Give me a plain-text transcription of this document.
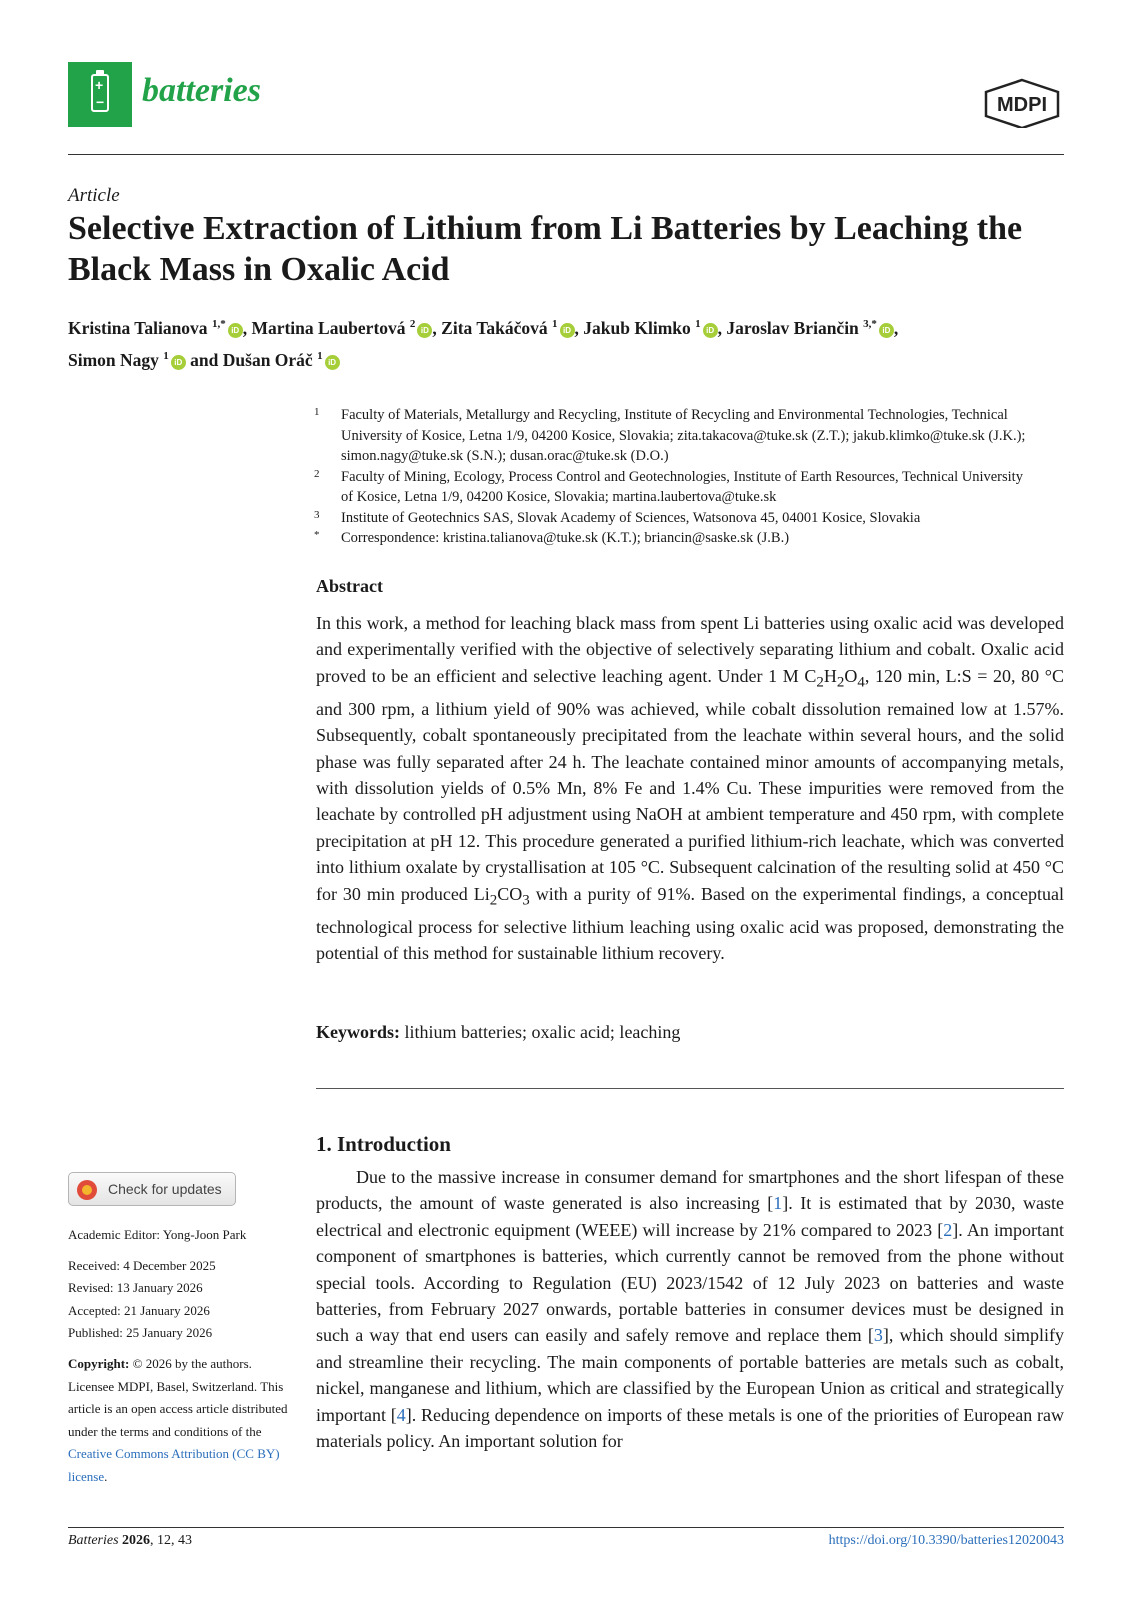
+
− batteries	MDPI
Article
Selective Extraction of Lithium from Li Batteries by Leaching the Black Mass in Oxalic Acid
Kristina Talianova $^{1,*}$iD , Martina Laubertová $^2$iD , Zita Takáčová $^1$iD , Jakub Klimko $^1$iD , Jaroslav Briančin $^{3,*}$iD ,
Simon Nagy $^1$iD and Dušan Oráč $^1$iD
1 Faculty of Materials, Metallurgy and Recycling, Institute of Recycling and Environmental Technologies, Technical University of Kosice, Letna 1/9, 04200 Kosice, Slovakia; zita.takacova@tuke.sk (Z.T.); jakub.klimko@tuke.sk (J.K.); simon.nagy@tuke.sk (S.N.); dusan.orac@tuke.sk (D.O.)
2 Faculty of Mining, Ecology, Process Control and Geotechnologies, Institute of Earth Resources, Technical University of Kosice, Letna 1/9, 04200 Kosice, Slovakia; martina.laubertova@tuke.sk
3 Institute of Geotechnics SAS, Slovak Academy of Sciences, Watsonova 45, 04001 Kosice, Slovakia
* Correspondence: kristina.talianova@tuke.sk (K.T.); briancin@saske.sk (J.B.)
Abstract
In this work, a method for leaching black mass from spent Li batteries using oxalic acid was developed and experimentally verified with the objective of selectively separating lithium and cobalt. Oxalic acid proved to be an efficient and selective leaching agent. Under 1 M $C_2H_2O_4$, 120 min, L:S = 20, 80 °C and 300 rpm, a lithium yield of 90% was achieved, while cobalt dissolution remained low at 1.57%. Subsequently, cobalt spontaneously precipitated from the leachate within several hours, and the solid phase was fully separated after 24 h. The leachate contained minor amounts of accompanying metals, with dissolution yields of 0.5% Mn, 8% Fe and 1.4% Cu. These impurities were removed from the leachate by controlled pH adjustment using NaOH at ambient temperature and 450 rpm, with complete precipitation at pH 12. This procedure generated a purified lithium-rich leachate, which was converted into lithium oxalate by crystallisation at 105 °C. Subsequent calcination of the resulting solid at 450 °C for 30 min produced $Li_2CO_3$ with a purity of 91%. Based on the experimental findings, a conceptual technological process for selective lithium leaching using oxalic acid was proposed, demonstrating the potential of this method for sustainable lithium recovery.
Keywords: lithium batteries; oxalic acid; leaching
1. Introduction
Due to the massive increase in consumer demand for smartphones and the short lifespan of these products, the amount of waste generated is also increasing [1]. It is estimated that by 2030, waste electrical and electronic equipment (WEEE) will increase by 21% compared to 2023 [2]. An important component of smartphones is batteries, which currently cannot be removed from the phone without special tools. According to Regulation (EU) 2023/1542 of 12 July 2023 on batteries and waste batteries, from February 2027 onwards, portable batteries in consumer devices must be designed in such a way that end users can easily and safely remove and replace them [3], which should simplify and streamline their recycling. The main components of portable batteries are metals such as cobalt, nickel, manganese and lithium, which are classified by the European Union as critical and strategically important [4]. Reducing dependence on imports of these metals is one of the priorities of European raw materials policy. An important solution for
Check for updates
Academic Editor: Yong-Joon Park
Received: 4 December 2025
Revised: 13 January 2026
Accepted: 21 January 2026
Published: 25 January 2026
Copyright: © 2026 by the authors. Licensee MDPI, Basel, Switzerland. This article is an open access article distributed under the terms and conditions of the Creative Commons Attribution (CC BY) license.
Batteries 2026, 12, 43	https://doi.org/10.3390/batteries12020043
